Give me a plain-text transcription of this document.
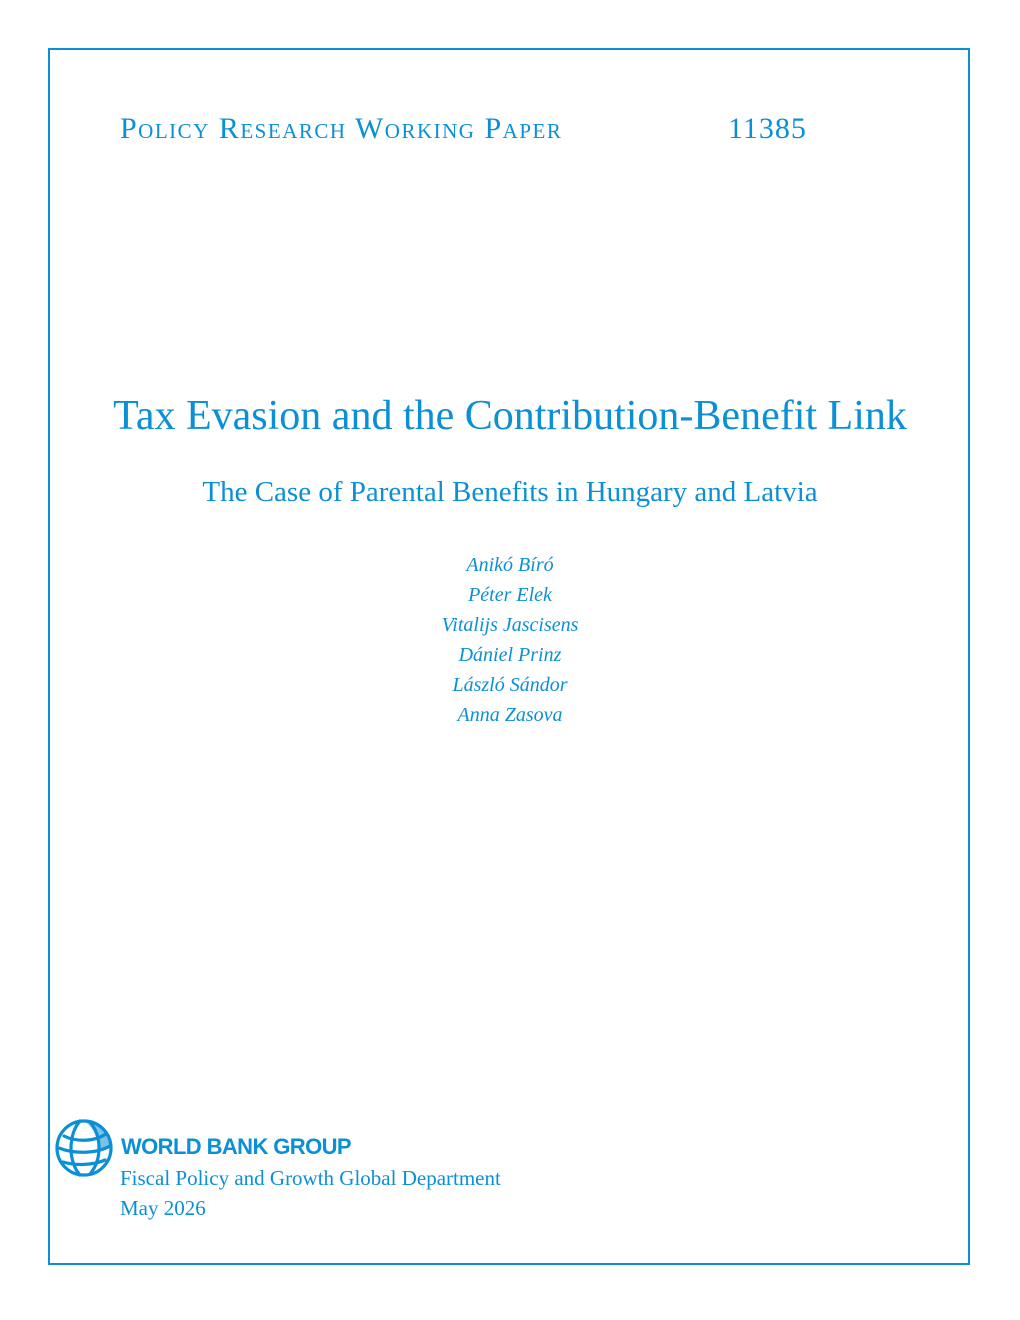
Policy Research Working Paper	11385
Tax Evasion and the Contribution-Benefit Link
The Case of Parental Benefits in Hungary and Latvia
Anikó Bíró
Péter Elek
Vitalijs Jascisens
Dániel Prinz
László Sándor
Anna Zasova
WORLD BANK GROUP
Fiscal Policy and Growth Global Department
May 2026
